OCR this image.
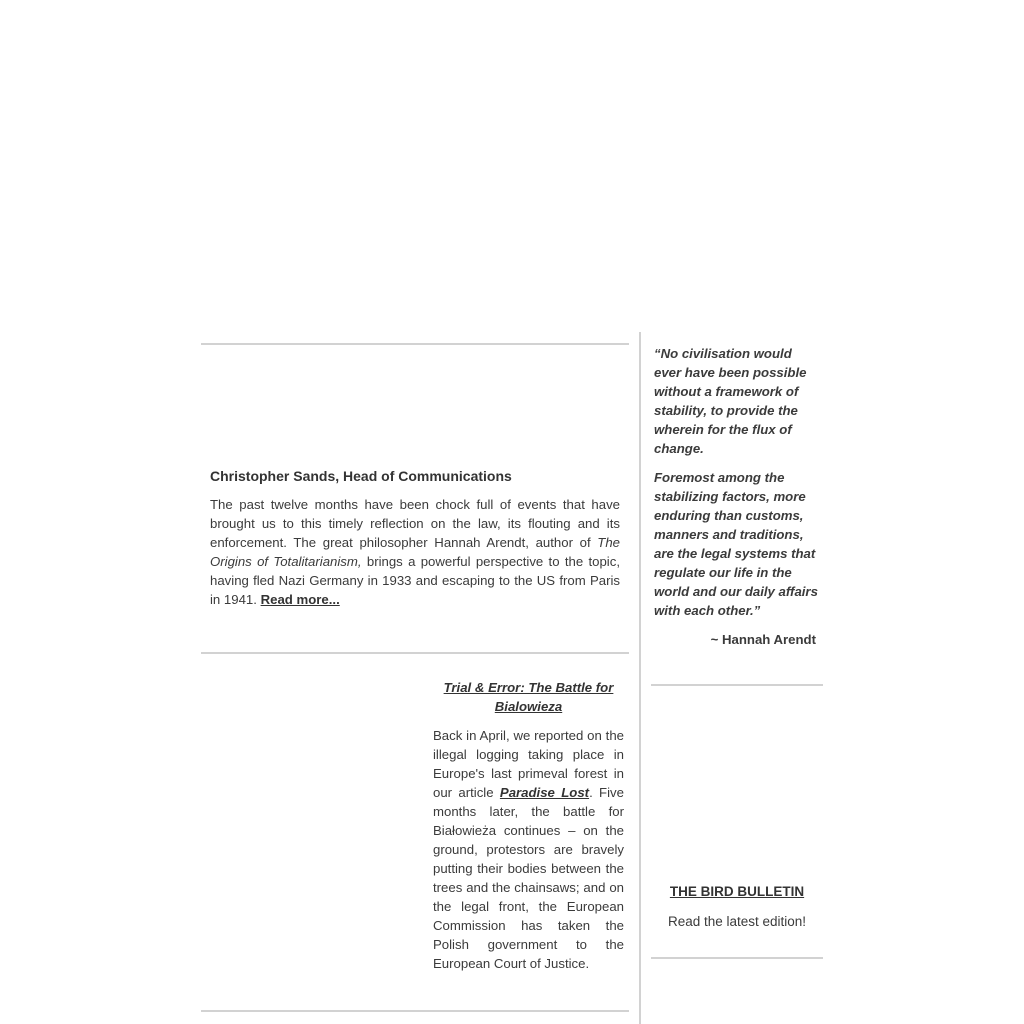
Christopher Sands, Head of Communications

The past twelve months have been chock full of events that have brought us to this timely reflection on the law, its flouting and its enforcement. The great philosopher Hannah Arendt, author of The Origins of Totalitarianism, brings a powerful perspective to the topic, having fled Nazi Germany in 1933 and escaping to the US from Paris in 1941. Read more...

Trial & Error: The Battle for Bialowieza

Back in April, we reported on the illegal logging taking place in Europe's last primeval forest in our article Paradise Lost. Five months later, the battle for Białowieża continues – on the ground, protestors are bravely putting their bodies between the trees and the chainsaws; and on the legal front, the European Commission has taken the Polish government to the European Court of Justice.

“No civilisation would ever have been possible without a framework of stability, to provide the wherein for the flux of change.

Foremost among the stabilizing factors, more enduring than customs, manners and traditions, are the legal systems that regulate our life in the world and our daily affairs with each other.”

~ Hannah Arendt

THE BIRD BULLETIN
Read the latest edition!
